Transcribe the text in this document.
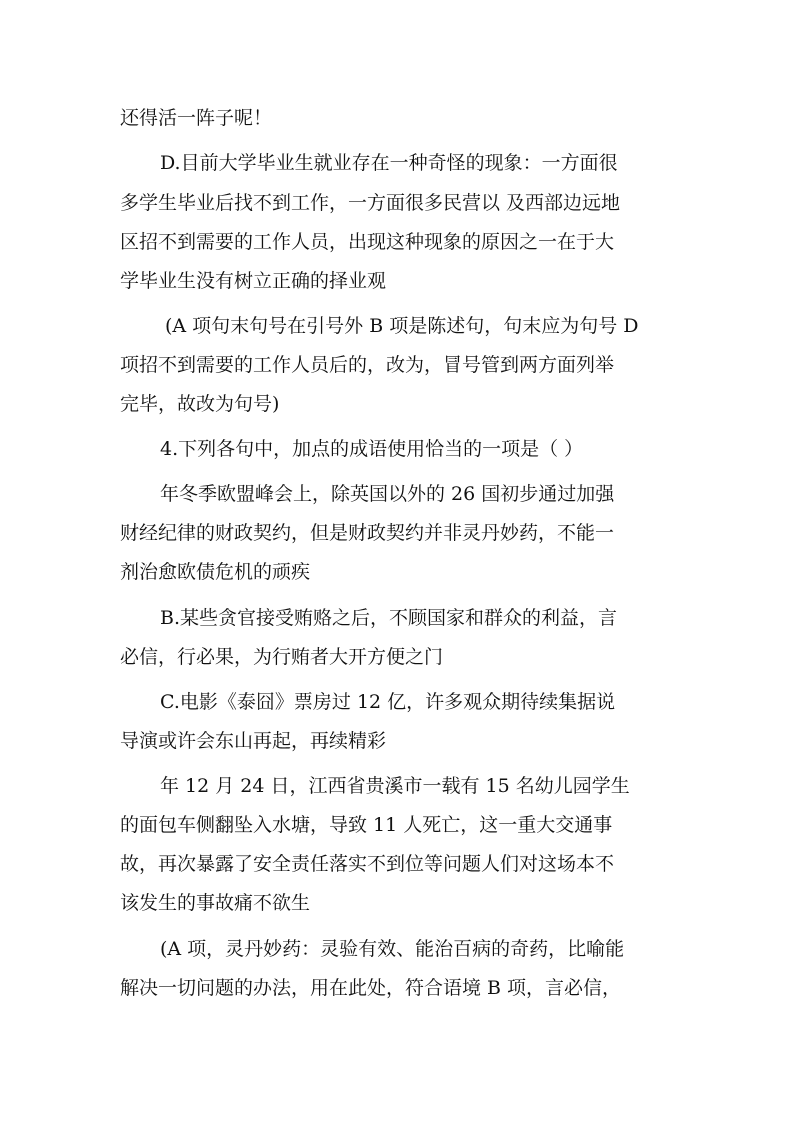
还得活一阵子呢！
D.目前大学毕业生就业存在一种奇怪的现象：一方面很
多学生毕业后找不到工作，一方面很多民营以 及西部边远地
区招不到需要的工作人员，出现这种现象的原因之一在于大
学毕业生没有树立正确的择业观
(A 项句末句号在引号外 B 项是陈述句，句末应为句号 D
项招不到需要的工作人员后的，改为，冒号管到两方面列举
完毕，故改为句号)
4.下列各句中，加点的成语使用恰当的一项是（ ）
年冬季欧盟峰会上，除英国以外的 26 国初步通过加强
财经纪律的财政契约，但是财政契约并非灵丹妙药，不能一
剂治愈欧债危机的顽疾
B.某些贪官接受贿赂之后，不顾国家和群众的利益，言
必信，行必果，为行贿者大开方便之门
C.电影《泰囧》票房过 12 亿，许多观众期待续集据说
导演或许会东山再起，再续精彩
年 12 月 24 日，江西省贵溪市一载有 15 名幼儿园学生
的面包车侧翻坠入水塘，导致 11 人死亡，这一重大交通事
故，再次暴露了安全责任落实不到位等问题人们对这场本不
该发生的事故痛不欲生
(A 项，灵丹妙药：灵验有效、能治百病的奇药，比喻能
解决一切问题的办法，用在此处，符合语境 B 项，言必信，
